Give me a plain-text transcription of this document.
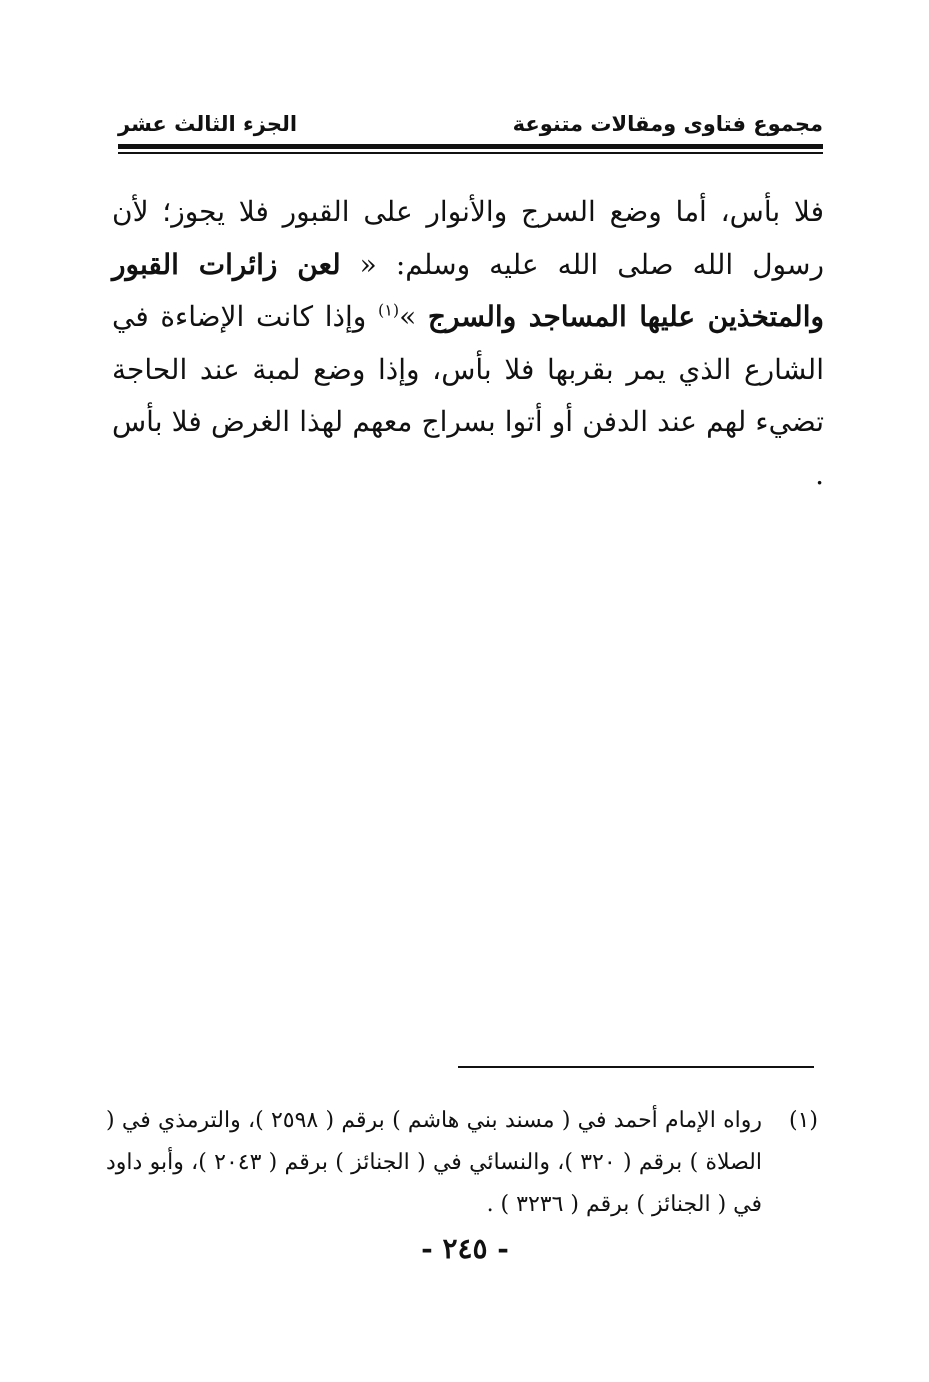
مجموع فتاوى ومقالات متنوعة
الجزء الثالث عشر

فلا بأس، أما وضع السرج والأنوار على القبور فلا يجوز؛ لأن رسول الله صلى الله عليه وسلم: « لعن زائرات القبور والمتخذين عليها المساجد والسرج »$^{(١)}$ وإذا كانت الإضاءة في الشارع الذي يمر بقربها فلا بأس، وإذا وضع لمبة عند الحاجة تضيء لهم عند الدفن أو أتوا بسراج معهم لهذا الغرض فلا بأس .

(١)
رواه الإمام أحمد في ( مسند بني هاشم ) برقم ( ٢٥٩٨ )، والترمذي في ( الصلاة ) برقم ( ٣٢٠ )، والنسائي في ( الجنائز ) برقم ( ٢٠٤٣ )، وأبو داود في ( الجنائز ) برقم ( ٣٢٣٦ ) .
- ٢٤٥ -
